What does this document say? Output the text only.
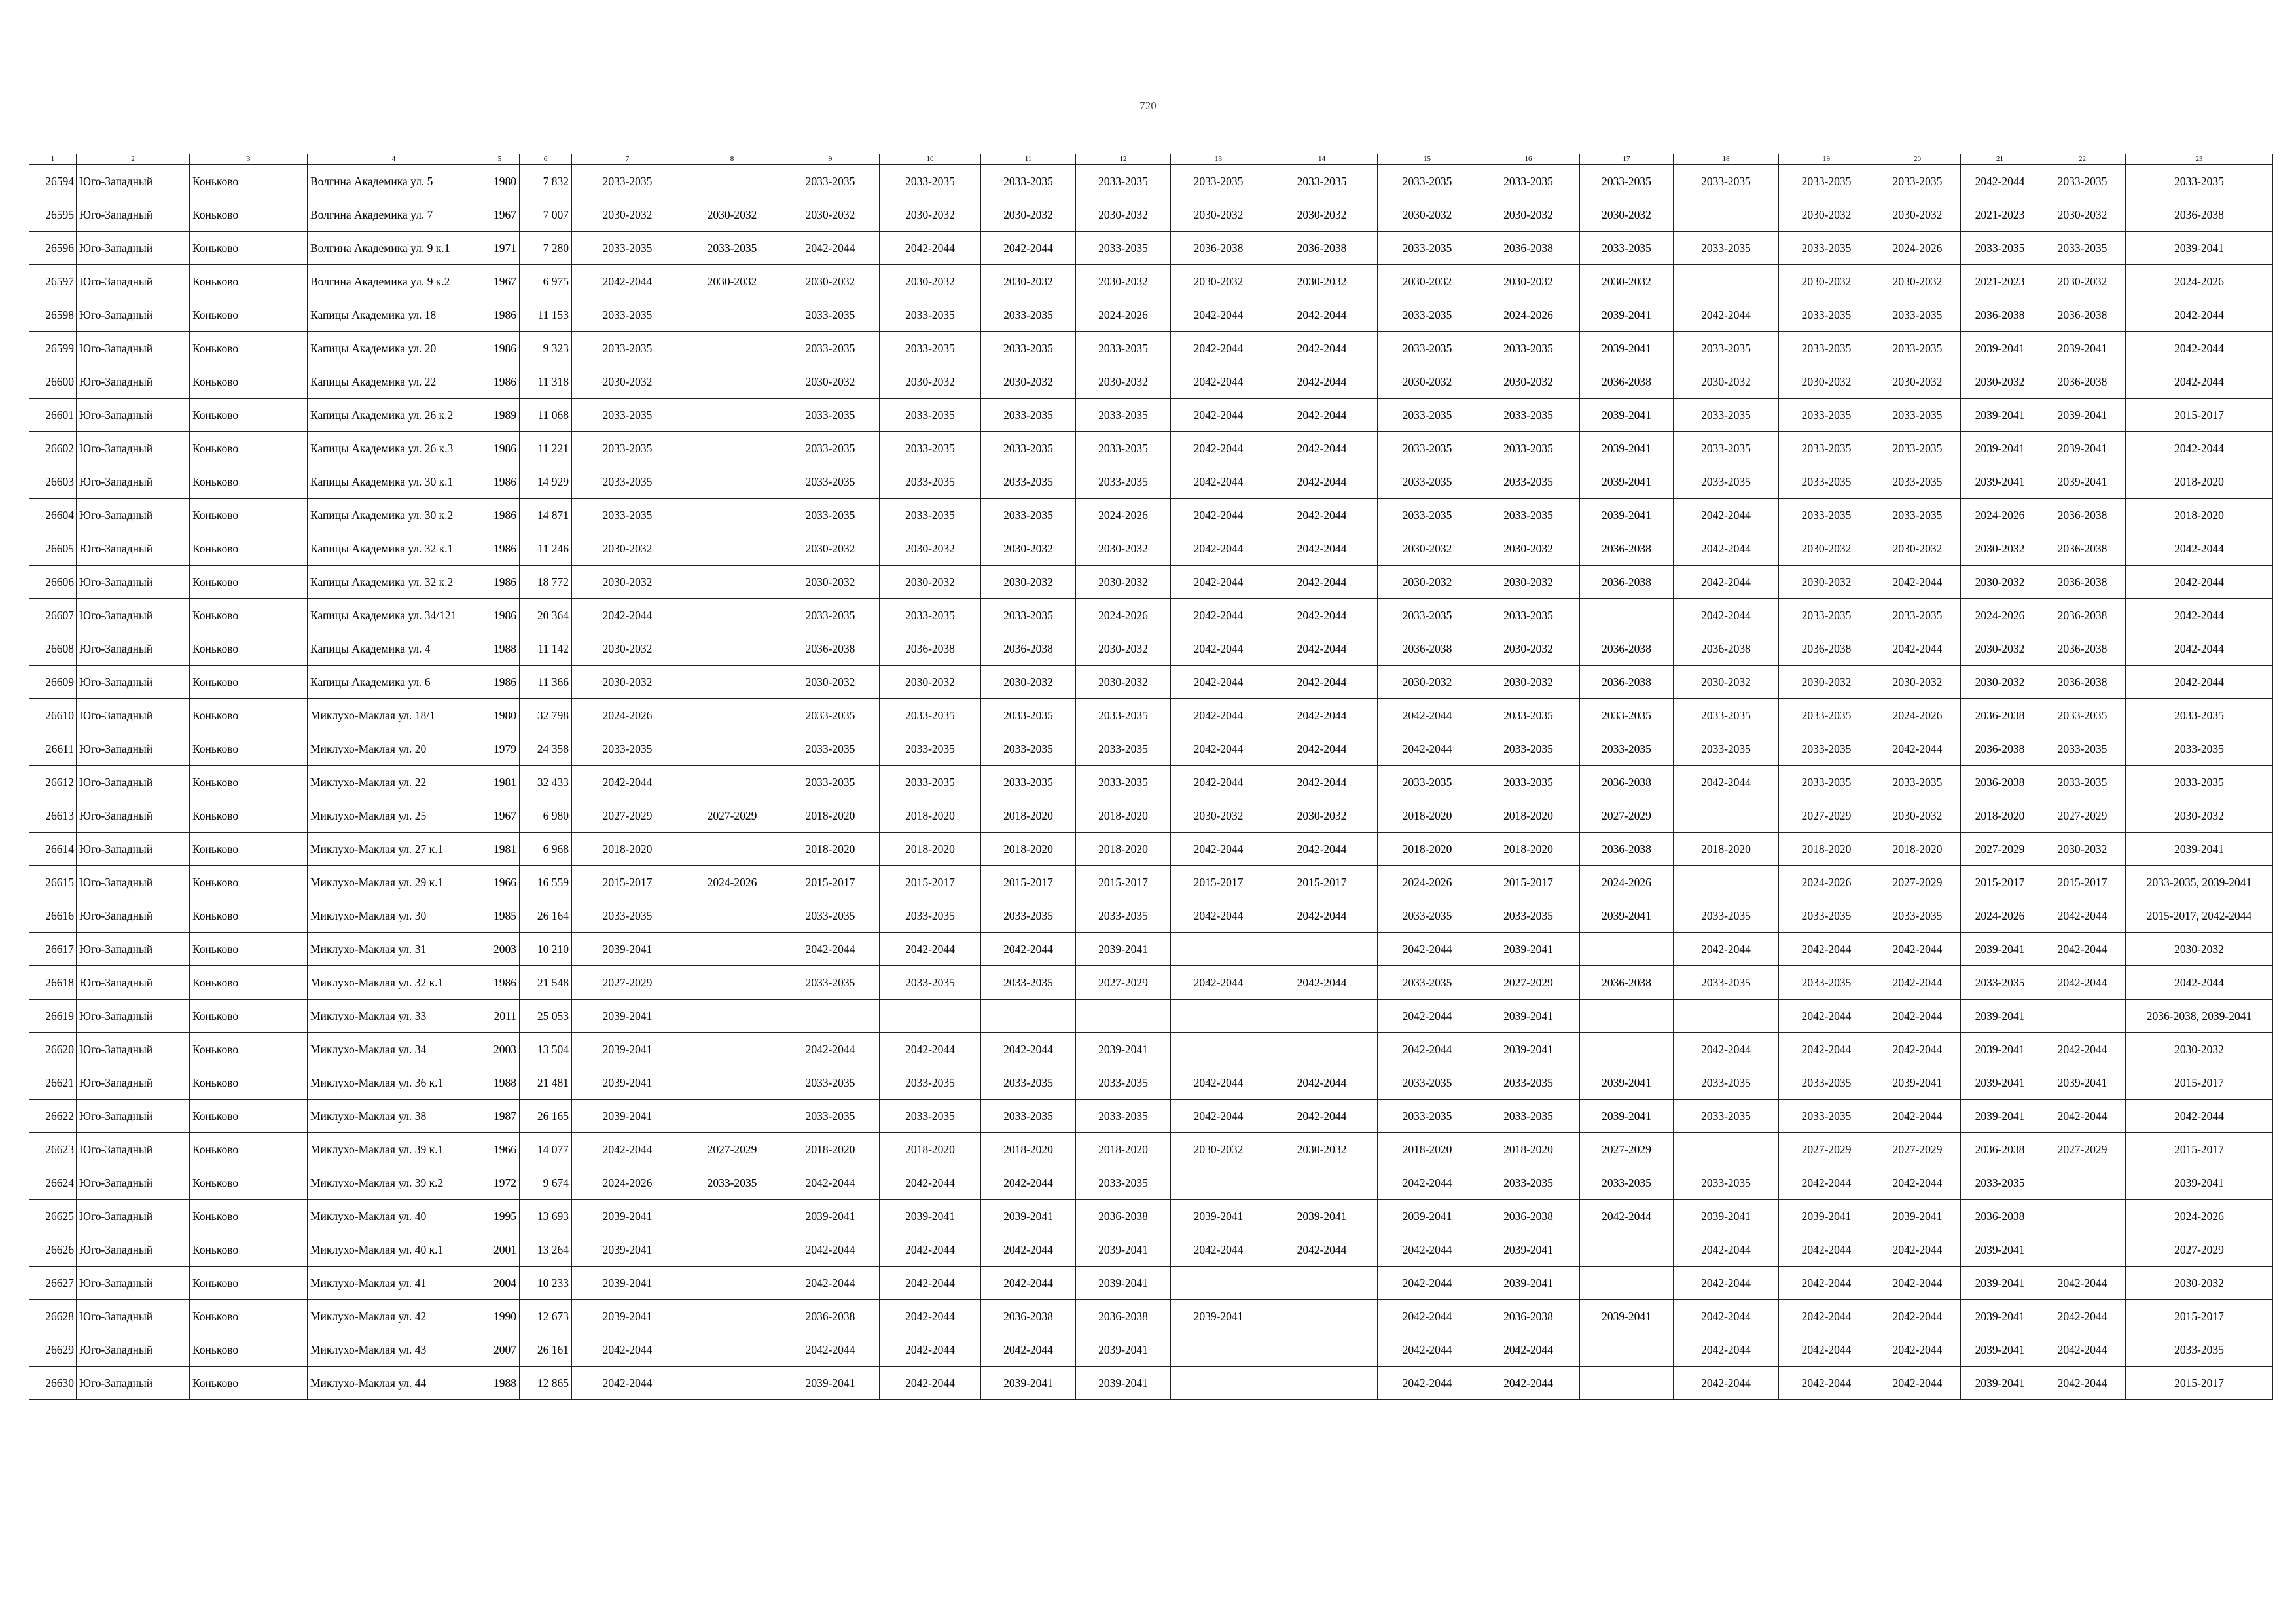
720
1	2	3	4	5	6	7	8	9	10	11	12	13	14	15	16	17	18	19	20	21	22	23
26594	Юго-Западный	Коньково	Волгина Академика ул. 5	1980	7 832	2033-2035		2033-2035	2033-2035	2033-2035	2033-2035	2033-2035	2033-2035	2033-2035	2033-2035	2033-2035	2033-2035	2033-2035	2033-2035	2042-2044	2033-2035	2033-2035
26595	Юго-Западный	Коньково	Волгина Академика ул. 7	1967	7 007	2030-2032	2030-2032	2030-2032	2030-2032	2030-2032	2030-2032	2030-2032	2030-2032	2030-2032	2030-2032	2030-2032		2030-2032	2030-2032	2021-2023	2030-2032	2036-2038
26596	Юго-Западный	Коньково	Волгина Академика ул. 9 к.1	1971	7 280	2033-2035	2033-2035	2042-2044	2042-2044	2042-2044	2033-2035	2036-2038	2036-2038	2033-2035	2036-2038	2033-2035	2033-2035	2033-2035	2024-2026	2033-2035	2033-2035	2039-2041
26597	Юго-Западный	Коньково	Волгина Академика ул. 9 к.2	1967	6 975	2042-2044	2030-2032	2030-2032	2030-2032	2030-2032	2030-2032	2030-2032	2030-2032	2030-2032	2030-2032	2030-2032		2030-2032	2030-2032	2021-2023	2030-2032	2024-2026
26598	Юго-Западный	Коньково	Капицы Академика ул. 18	1986	11 153	2033-2035		2033-2035	2033-2035	2033-2035	2024-2026	2042-2044	2042-2044	2033-2035	2024-2026	2039-2041	2042-2044	2033-2035	2033-2035	2036-2038	2036-2038	2042-2044
26599	Юго-Западный	Коньково	Капицы Академика ул. 20	1986	9 323	2033-2035		2033-2035	2033-2035	2033-2035	2033-2035	2042-2044	2042-2044	2033-2035	2033-2035	2039-2041	2033-2035	2033-2035	2033-2035	2039-2041	2039-2041	2042-2044
26600	Юго-Западный	Коньково	Капицы Академика ул. 22	1986	11 318	2030-2032		2030-2032	2030-2032	2030-2032	2030-2032	2042-2044	2042-2044	2030-2032	2030-2032	2036-2038	2030-2032	2030-2032	2030-2032	2030-2032	2036-2038	2042-2044
26601	Юго-Западный	Коньково	Капицы Академика ул. 26 к.2	1989	11 068	2033-2035		2033-2035	2033-2035	2033-2035	2033-2035	2042-2044	2042-2044	2033-2035	2033-2035	2039-2041	2033-2035	2033-2035	2033-2035	2039-2041	2039-2041	2015-2017
26602	Юго-Западный	Коньково	Капицы Академика ул. 26 к.3	1986	11 221	2033-2035		2033-2035	2033-2035	2033-2035	2033-2035	2042-2044	2042-2044	2033-2035	2033-2035	2039-2041	2033-2035	2033-2035	2033-2035	2039-2041	2039-2041	2042-2044
26603	Юго-Западный	Коньково	Капицы Академика ул. 30 к.1	1986	14 929	2033-2035		2033-2035	2033-2035	2033-2035	2033-2035	2042-2044	2042-2044	2033-2035	2033-2035	2039-2041	2033-2035	2033-2035	2033-2035	2039-2041	2039-2041	2018-2020
26604	Юго-Западный	Коньково	Капицы Академика ул. 30 к.2	1986	14 871	2033-2035		2033-2035	2033-2035	2033-2035	2024-2026	2042-2044	2042-2044	2033-2035	2033-2035	2039-2041	2042-2044	2033-2035	2033-2035	2024-2026	2036-2038	2018-2020
26605	Юго-Западный	Коньково	Капицы Академика ул. 32 к.1	1986	11 246	2030-2032		2030-2032	2030-2032	2030-2032	2030-2032	2042-2044	2042-2044	2030-2032	2030-2032	2036-2038	2042-2044	2030-2032	2030-2032	2030-2032	2036-2038	2042-2044
26606	Юго-Западный	Коньково	Капицы Академика ул. 32 к.2	1986	18 772	2030-2032		2030-2032	2030-2032	2030-2032	2030-2032	2042-2044	2042-2044	2030-2032	2030-2032	2036-2038	2042-2044	2030-2032	2042-2044	2030-2032	2036-2038	2042-2044
26607	Юго-Западный	Коньково	Капицы Академика ул. 34/121	1986	20 364	2042-2044		2033-2035	2033-2035	2033-2035	2024-2026	2042-2044	2042-2044	2033-2035	2033-2035		2042-2044	2033-2035	2033-2035	2024-2026	2036-2038	2042-2044
26608	Юго-Западный	Коньково	Капицы Академика ул. 4	1988	11 142	2030-2032		2036-2038	2036-2038	2036-2038	2030-2032	2042-2044	2042-2044	2036-2038	2030-2032	2036-2038	2036-2038	2036-2038	2042-2044	2030-2032	2036-2038	2042-2044
26609	Юго-Западный	Коньково	Капицы Академика ул. 6	1986	11 366	2030-2032		2030-2032	2030-2032	2030-2032	2030-2032	2042-2044	2042-2044	2030-2032	2030-2032	2036-2038	2030-2032	2030-2032	2030-2032	2030-2032	2036-2038	2042-2044
26610	Юго-Западный	Коньково	Миклухо-Маклая ул. 18/1	1980	32 798	2024-2026		2033-2035	2033-2035	2033-2035	2033-2035	2042-2044	2042-2044	2042-2044	2033-2035	2033-2035	2033-2035	2033-2035	2024-2026	2036-2038	2033-2035	2033-2035
26611	Юго-Западный	Коньково	Миклухо-Маклая ул. 20	1979	24 358	2033-2035		2033-2035	2033-2035	2033-2035	2033-2035	2042-2044	2042-2044	2042-2044	2033-2035	2033-2035	2033-2035	2033-2035	2042-2044	2036-2038	2033-2035	2033-2035
26612	Юго-Западный	Коньково	Миклухо-Маклая ул. 22	1981	32 433	2042-2044		2033-2035	2033-2035	2033-2035	2033-2035	2042-2044	2042-2044	2033-2035	2033-2035	2036-2038	2042-2044	2033-2035	2033-2035	2036-2038	2033-2035	2033-2035
26613	Юго-Западный	Коньково	Миклухо-Маклая ул. 25	1967	6 980	2027-2029	2027-2029	2018-2020	2018-2020	2018-2020	2018-2020	2030-2032	2030-2032	2018-2020	2018-2020	2027-2029		2027-2029	2030-2032	2018-2020	2027-2029	2030-2032
26614	Юго-Западный	Коньково	Миклухо-Маклая ул. 27 к.1	1981	6 968	2018-2020		2018-2020	2018-2020	2018-2020	2018-2020	2042-2044	2042-2044	2018-2020	2018-2020	2036-2038	2018-2020	2018-2020	2018-2020	2027-2029	2030-2032	2039-2041
26615	Юго-Западный	Коньково	Миклухо-Маклая ул. 29 к.1	1966	16 559	2015-2017	2024-2026	2015-2017	2015-2017	2015-2017	2015-2017	2015-2017	2015-2017	2024-2026	2015-2017	2024-2026		2024-2026	2027-2029	2015-2017	2015-2017	2033-2035, 2039-2041
26616	Юго-Западный	Коньково	Миклухо-Маклая ул. 30	1985	26 164	2033-2035		2033-2035	2033-2035	2033-2035	2033-2035	2042-2044	2042-2044	2033-2035	2033-2035	2039-2041	2033-2035	2033-2035	2033-2035	2024-2026	2042-2044	2015-2017, 2042-2044
26617	Юго-Западный	Коньково	Миклухо-Маклая ул. 31	2003	10 210	2039-2041		2042-2044	2042-2044	2042-2044	2039-2041			2042-2044	2039-2041		2042-2044	2042-2044	2042-2044	2039-2041	2042-2044	2030-2032
26618	Юго-Западный	Коньково	Миклухо-Маклая ул. 32 к.1	1986	21 548	2027-2029		2033-2035	2033-2035	2033-2035	2027-2029	2042-2044	2042-2044	2033-2035	2027-2029	2036-2038	2033-2035	2033-2035	2042-2044	2033-2035	2042-2044	2042-2044
26619	Юго-Западный	Коньково	Миклухо-Маклая ул. 33	2011	25 053	2039-2041								2042-2044	2039-2041			2042-2044	2042-2044	2039-2041		2036-2038, 2039-2041
26620	Юго-Западный	Коньково	Миклухо-Маклая ул. 34	2003	13 504	2039-2041		2042-2044	2042-2044	2042-2044	2039-2041			2042-2044	2039-2041		2042-2044	2042-2044	2042-2044	2039-2041	2042-2044	2030-2032
26621	Юго-Западный	Коньково	Миклухо-Маклая ул. 36 к.1	1988	21 481	2039-2041		2033-2035	2033-2035	2033-2035	2033-2035	2042-2044	2042-2044	2033-2035	2033-2035	2039-2041	2033-2035	2033-2035	2039-2041	2039-2041	2039-2041	2015-2017
26622	Юго-Западный	Коньково	Миклухо-Маклая ул. 38	1987	26 165	2039-2041		2033-2035	2033-2035	2033-2035	2033-2035	2042-2044	2042-2044	2033-2035	2033-2035	2039-2041	2033-2035	2033-2035	2042-2044	2039-2041	2042-2044	2042-2044
26623	Юго-Западный	Коньково	Миклухо-Маклая ул. 39 к.1	1966	14 077	2042-2044	2027-2029	2018-2020	2018-2020	2018-2020	2018-2020	2030-2032	2030-2032	2018-2020	2018-2020	2027-2029		2027-2029	2027-2029	2036-2038	2027-2029	2015-2017
26624	Юго-Западный	Коньково	Миклухо-Маклая ул. 39 к.2	1972	9 674	2024-2026	2033-2035	2042-2044	2042-2044	2042-2044	2033-2035			2042-2044	2033-2035	2033-2035	2033-2035	2042-2044	2042-2044	2033-2035		2039-2041
26625	Юго-Западный	Коньково	Миклухо-Маклая ул. 40	1995	13 693	2039-2041		2039-2041	2039-2041	2039-2041	2036-2038	2039-2041	2039-2041	2039-2041	2036-2038	2042-2044	2039-2041	2039-2041	2039-2041	2036-2038		2024-2026
26626	Юго-Западный	Коньково	Миклухо-Маклая ул. 40 к.1	2001	13 264	2039-2041		2042-2044	2042-2044	2042-2044	2039-2041	2042-2044	2042-2044	2042-2044	2039-2041		2042-2044	2042-2044	2042-2044	2039-2041		2027-2029
26627	Юго-Западный	Коньково	Миклухо-Маклая ул. 41	2004	10 233	2039-2041		2042-2044	2042-2044	2042-2044	2039-2041			2042-2044	2039-2041		2042-2044	2042-2044	2042-2044	2039-2041	2042-2044	2030-2032
26628	Юго-Западный	Коньково	Миклухо-Маклая ул. 42	1990	12 673	2039-2041		2036-2038	2042-2044	2036-2038	2036-2038	2039-2041		2042-2044	2036-2038	2039-2041	2042-2044	2042-2044	2042-2044	2039-2041	2042-2044	2015-2017
26629	Юго-Западный	Коньково	Миклухо-Маклая ул. 43	2007	26 161	2042-2044		2042-2044	2042-2044	2042-2044	2039-2041			2042-2044	2042-2044		2042-2044	2042-2044	2042-2044	2039-2041	2042-2044	2033-2035
26630	Юго-Западный	Коньково	Миклухо-Маклая ул. 44	1988	12 865	2042-2044		2039-2041	2042-2044	2039-2041	2039-2041			2042-2044	2042-2044		2042-2044	2042-2044	2042-2044	2039-2041	2042-2044	2015-2017
